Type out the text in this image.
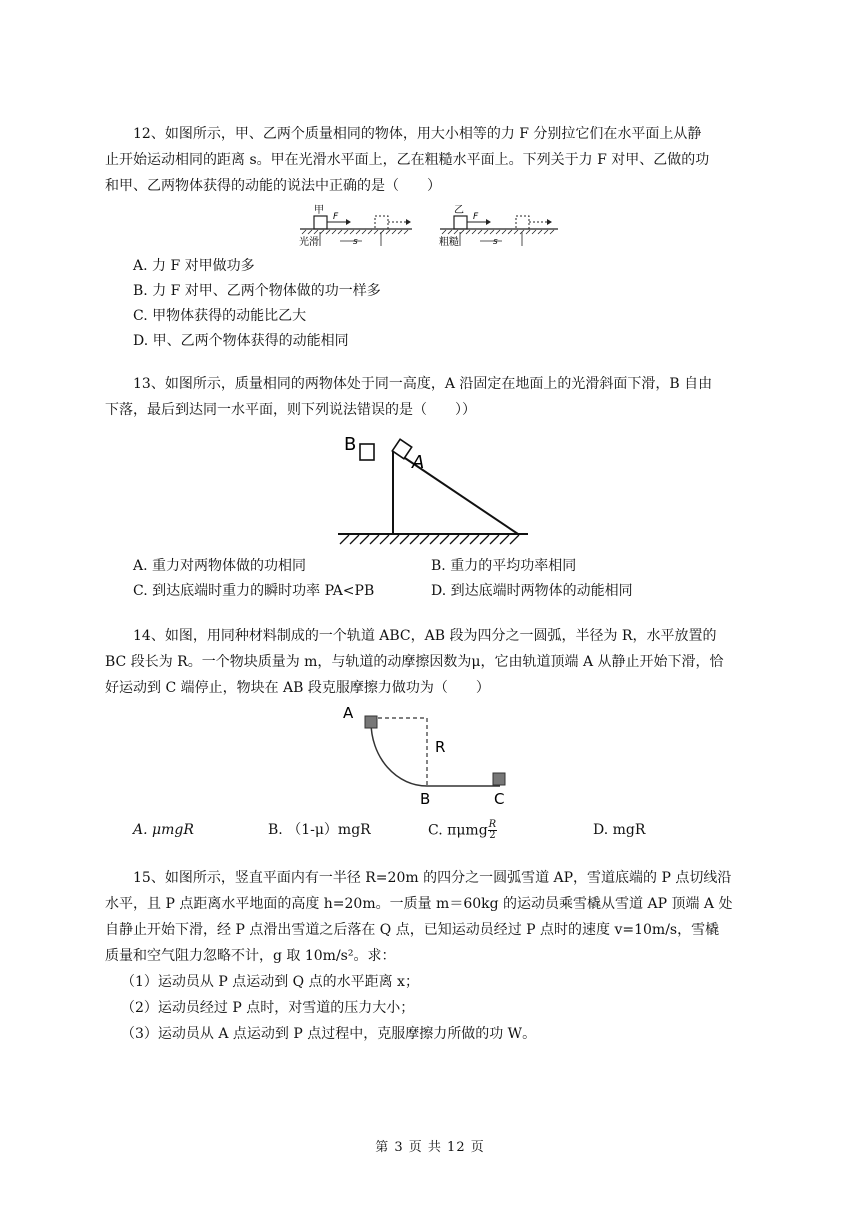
12、如图所示，甲、乙两个质量相同的物体，用大小相等的力 F 分别拉它们在水平面上从静
止开始运动相同的距离 s。甲在光滑水平面上，乙在粗糙水平面上。下列关于力 F 对甲、乙做的功
和甲、乙两物体获得的动能的说法中正确的是（　　）
甲
F
s
光滑
乙
F
s
粗糙
A. 力 F 对甲做功多
B. 力 F 对甲、乙两个物体做的功一样多
C. 甲物体获得的动能比乙大
D. 甲、乙两个物体获得的动能相同
13、如图所示，质量相同的两物体处于同一高度，A 沿固定在地面上的光滑斜面下滑，B 自由
下落，最后到达同一水平面，则下列说法错误的是（　　））
B
A
A. 重力对两物体做的功相同	B. 重力的平均功率相同
C. 到达底端时重力的瞬时功率 PA<PB	D. 到达底端时两物体的动能相同
14、如图，用同种材料制成的一个轨道 ABC，AB 段为四分之一圆弧，半径为 R，水平放置的
BC 段长为 R。一个物块质量为 m，与轨道的动摩擦因数为μ，它由轨道顶端 A 从静止开始下滑，恰
好运动到 C 端停止，物块在 AB 段克服摩擦力做功为（　　）
A
R
B	C
A. μmgR	B. （1-μ）mgR	C. πμmg $\frac{R}{2}$	D. mgR
15、如图所示，竖直平面内有一半径 R=20m 的四分之一圆弧雪道 AP，雪道底端的 P 点切线沿
水平，且 P 点距离水平地面的高度 h=20m。一质量 m＝60kg 的运动员乘雪橇从雪道 AP 顶端 A 处
自静止开始下滑，经 P 点滑出雪道之后落在 Q 点，已知运动员经过 P 点时的速度 v=10m/s，雪橇
质量和空气阻力忽略不计，g 取 10m/s²。求：
（1）运动员从 P 点运动到 Q 点的水平距离 x；
（2）运动员经过 P 点时，对雪道的压力大小；
（3）运动员从 A 点运动到 P 点过程中，克服摩擦力所做的功 W。
第 3 页 共 12 页
